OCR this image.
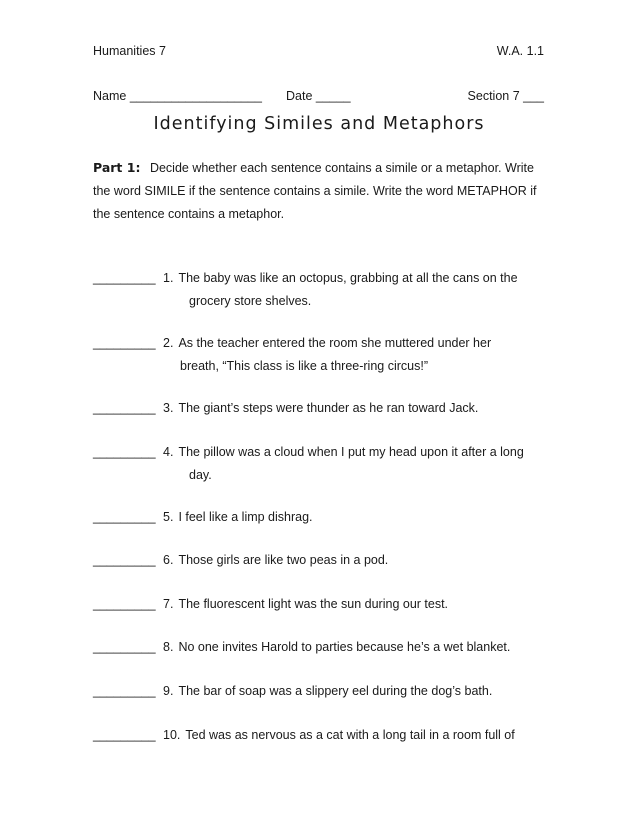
Humanities 7	W.A. 1.1
Name ___________________ Date _____	Section 7 ___
Identifying Similes and Metaphors
Part 1: Decide whether each sentence contains a simile or a metaphor. Write
the word SIMILE if the sentence contains a simile. Write the word METAPHOR if
the sentence contains a metaphor.
_________ 1. The baby was like an octopus, grabbing at all the cans on the
grocery store shelves.
_________ 2. As the teacher entered the room she muttered under her
breath, “This class is like a three-ring circus!”
_________ 3. The giant’s steps were thunder as he ran toward Jack.
_________ 4. The pillow was a cloud when I put my head upon it after a long
day.
_________ 5. I feel like a limp dishrag.
_________ 6. Those girls are like two peas in a pod.
_________ 7. The fluorescent light was the sun during our test.
_________ 8. No one invites Harold to parties because he’s a wet blanket.
_________ 9. The bar of soap was a slippery eel during the dog’s bath.
_________ 10. Ted was as nervous as a cat with a long tail in a room full of
